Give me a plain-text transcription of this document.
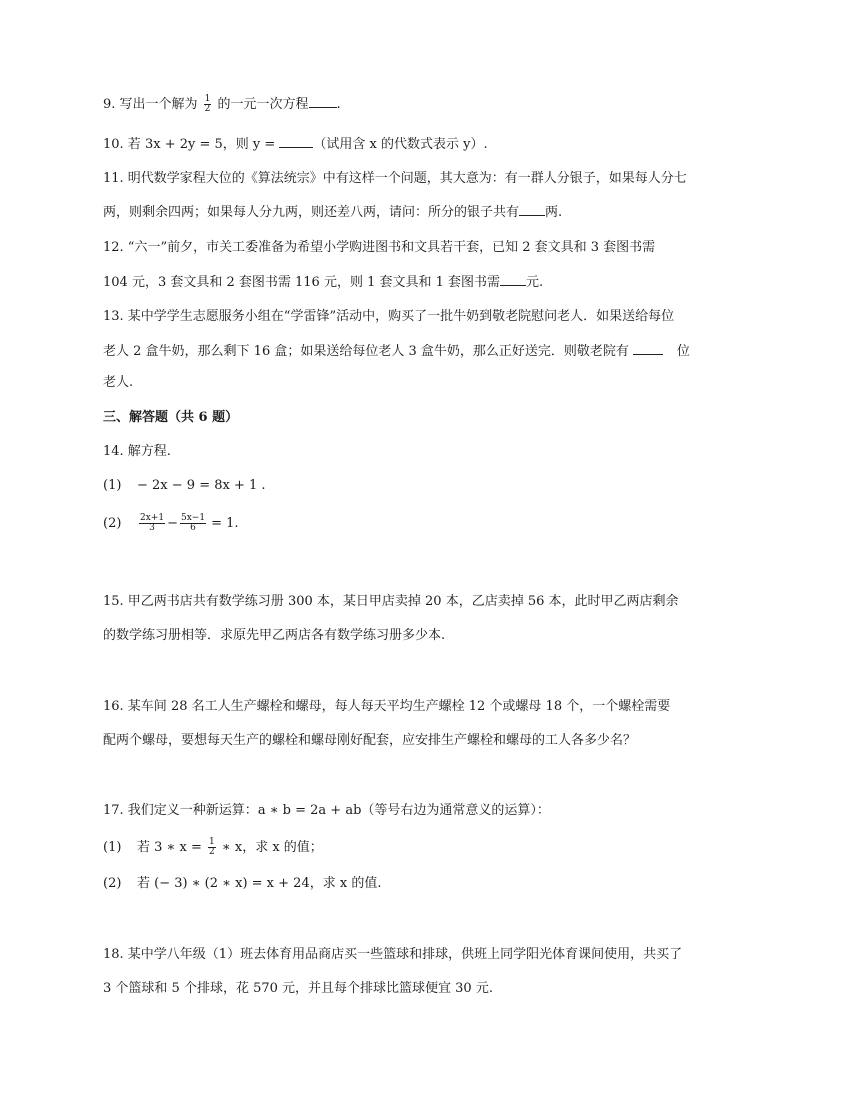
9. 写出一个解为 $\frac{1}{2}$ 的一元一次方程 .
10. 若 3x + 2y = 5，则 y =	（试用含 x 的代数式表示 y）.
11. 明代数学家程大位的《算法统宗》中有这样一个问题，其大意为：有一群人分银子，如果每人分七
两，则剩余四两；如果每人分九两，则还差八两，请问：所分的银子共有 两.
12. “六一”前夕，市关工委准备为希望小学购进图书和文具若干套，已知 2 套文具和 3 套图书需
104 元，3 套文具和 2 套图书需 116 元，则 1 套文具和 1 套图书需 元.
13. 某中学学生志愿服务小组在“学雷锋”活动中，购买了一批牛奶到敬老院慰问老人．如果送给每位
老人 2 盒牛奶，那么剩下 16 盒；如果送给每位老人 3 盒牛奶，那么正好送完．则敬老院有	位
老人.
三、解答题（共 6 题）
14. 解方程.
(1) − 2x − 9 = 8x + 1 .
$(2) \frac{2x+1}{3} - \frac{5x-1}{6} = 1$.
15. 甲乙两书店共有数学练习册 300 本，某日甲店卖掉 20 本，乙店卖掉 56 本，此时甲乙两店剩余
的数学练习册相等．求原先甲乙两店各有数学练习册多少本.
16. 某车间 28 名工人生产螺栓和螺母，每人每天平均生产螺栓 12 个或螺母 18 个，一个螺栓需要
配两个螺母，要想每天生产的螺栓和螺母刚好配套，应安排生产螺栓和螺母的工人各多少名？
17. 我们定义一种新运算：a ∗ b = 2a + ab（等号右边为通常意义的运算）：
(1) 若 3 ∗ $x = \frac{1}{2}$ ∗ x，求 x 的值；
(2) 若 (− 3) ∗ (2 ∗ x) = x + 24，求 x 的值.
18. 某中学八年级（1）班去体育用品商店买一些篮球和排球，供班上同学阳光体育课间使用，共买了
3 个篮球和 5 个排球，花 570 元，并且每个排球比篮球便宜 30 元.
